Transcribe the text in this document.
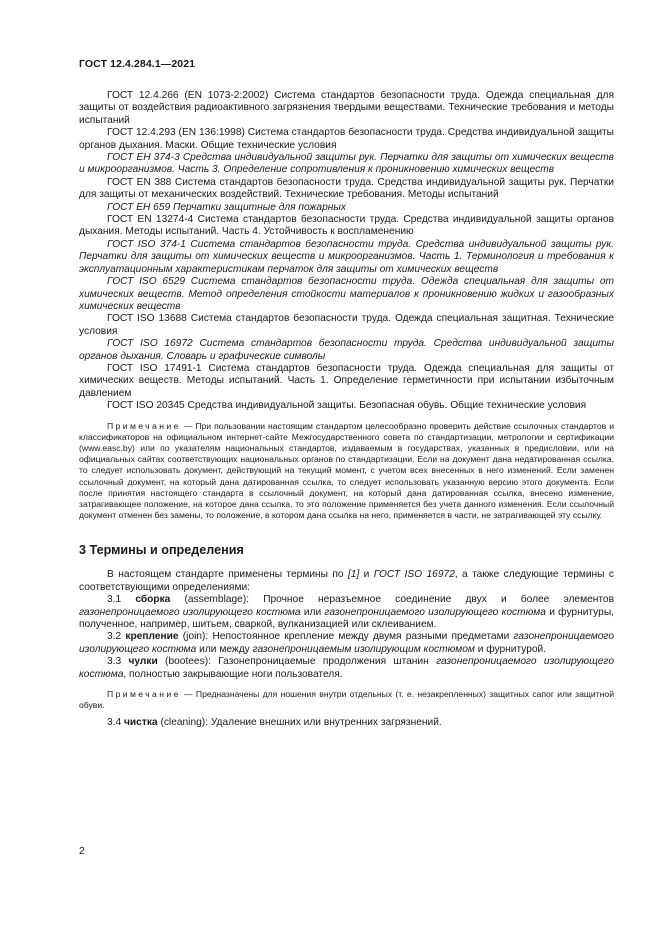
ГОСТ 12.4.284.1—2021

ГОСТ 12.4.266 (EN 1073-2:2002) Система стандартов безопасности труда. Одежда специальная для защиты от воздействия радиоактивного загрязнения твердыми веществами. Технические требования и методы испытаний

ГОСТ 12.4.293 (EN 136:1998) Система стандартов безопасности труда. Средства индивидуальной защиты органов дыхания. Маски. Общие технические условия

ГОСТ EH 374-3 Средства индивидуальной защиты рук. Перчатки для защиты от химических веществ и микроорганизмов. Часть 3. Определение сопротивления к проникновению химических веществ

ГОСТ EN 388 Система стандартов безопасности труда. Средства индивидуальной защиты рук. Перчатки для защиты от механических воздействий. Технические требования. Методы испытаний

ГОСТ EH 659 Перчатки защитные для пожарных

ГОСТ EN 13274-4 Система стандартов безопасности труда. Средства индивидуальной защиты органов дыхания. Методы испытаний. Часть 4. Устойчивость к воспламенению

ГОСТ ISO 374-1 Система стандартов безопасности труда. Средства индивидуальной защиты рук. Перчатки для защиты от химических веществ и микроорганизмов. Часть 1. Терминология и требования к эксплуатационным характеристикам перчаток для защиты от химических веществ

ГОСТ ISO 6529 Система стандартов безопасности труда. Одежда специальная для защиты от химических веществ. Метод определения стойкости материалов к проникновению жидких и газообразных химических веществ

ГОСТ ISO 13688 Система стандартов безопасности труда. Одежда специальная защитная. Технические условия

ГОСТ ISO 16972 Система стандартов безопасности труда. Средства индивидуальной защиты органов дыхания. Словарь и графические символы

ГОСТ ISO 17491-1 Система стандартов безопасности труда. Одежда специальная для защиты от химических веществ. Методы испытаний. Часть 1. Определение герметичности при испытании избыточным давлением

ГОСТ ISO 20345 Средства индивидуальной защиты. Безопасная обувь. Общие технические условия

Примечание — При пользовании настоящим стандартом целесообразно проверить действие ссылочных стандартов и классификаторов на официальном интернет-сайте Межгосударственного совета по стандартизации, метрологии и сертификации (www.easc.by) или по указателям национальных стандартов, издаваемым в государствах, указанных в предисловии, или на официальных сайтах соответствующих национальных органов по стандартизации. Если на документ дана недатированная ссылка, то следует использовать документ, действующий на текущий момент, с учетом всех внесенных в него изменений. Если заменен ссылочный документ, на который дана датированная ссылка, то следует использовать указанную версию этого документа. Если после принятия настоящего стандарта в ссылочный документ, на который дана датированная ссылка, внесено изменение, затрагивающее положение, на которое дана ссылка, то это положение применяется без учета данного изменения. Если ссылочный документ отменен без замены, то положение, в котором дана ссылка на него, применяется в части, не затрагивающей эту ссылку.

3 Термины и определения

В настоящем стандарте применены термины по [1] и ГОСТ ISO 16972, а также следующие термины с соответствующими определениями:

3.1 сборка (assemblage): Прочное неразъемное соединение двух и более элементов газонепроницаемого изолирующего костюма или газонепроницаемого изолирующего костюма и фурнитуры, полученное, например, шитьем, сваркой, вулканизацией или склеиванием.

3.2 крепление (join): Непостоянное крепление между двумя разными предметами газонепроницаемого изолирующего костюма или между газонепроницаемым изолирующим костюмом и фурнитурой.

3.3 чулки (bootees): Газонепроницаемые продолжения штанин газонепроницаемого изолирующего костюма, полностью закрывающие ноги пользователя.

Примечание — Предназначены для ношения внутри отдельных (т. е. незакрепленных) защитных сапог или защитной обуви.

3.4 чистка (cleaning): Удаление внешних или внутренних загрязнений.

2
